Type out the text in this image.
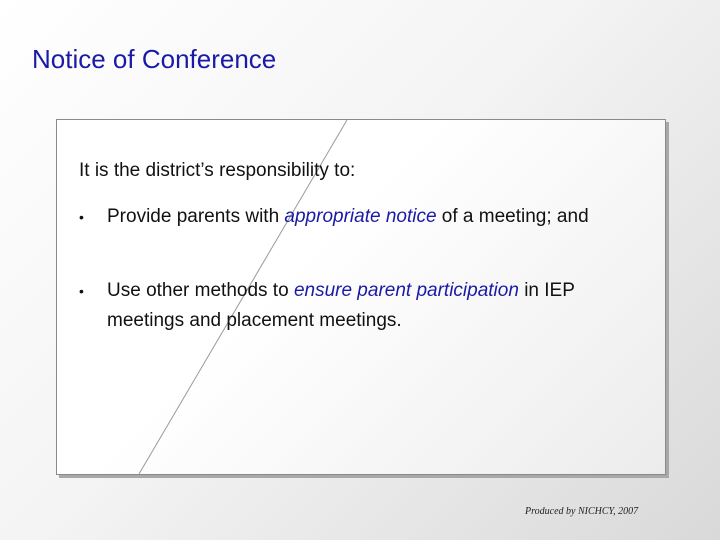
Notice of Conference
It is the district’s responsibility to:
• Provide parents with appropriate notice of a meeting; and
• Use other methods to ensure parent participation in IEP meetings and placement meetings.
Produced by NICHCY, 2007
